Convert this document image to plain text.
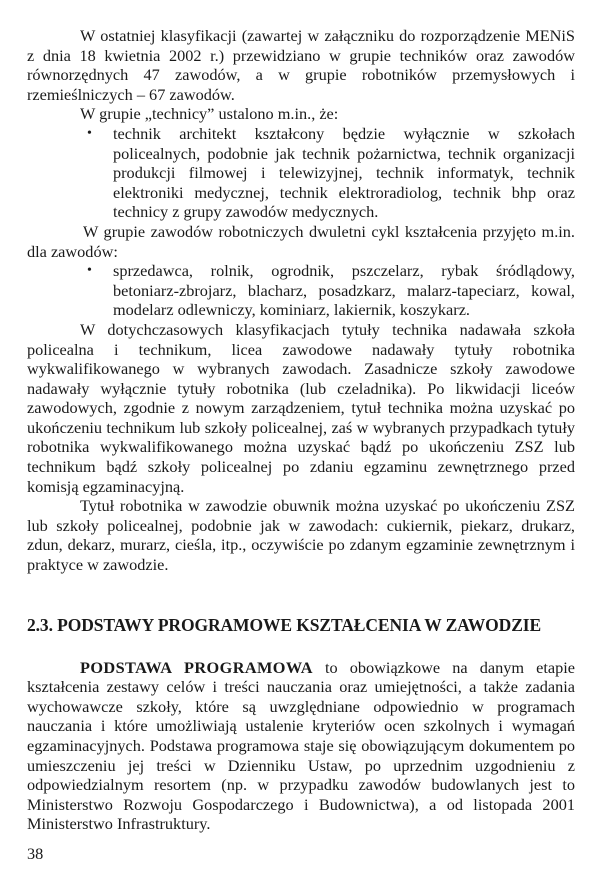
W ostatniej klasyfikacji (zawartej w załączniku do rozporządzenie MENiS z dnia 18 kwietnia 2002 r.) przewidziano w grupie techników oraz zawodów równorzędnych 47 zawodów, a w grupie robotników przemysłowych i rzemieślniczych – 67 zawodów.

W grupie „technicy” ustalono m.in., że:

• technik architekt kształcony będzie wyłącznie w szkołach policealnych, podobnie jak technik pożarnictwa, technik organizacji produkcji filmowej i telewizyjnej, technik informatyk, technik elektroniki medycznej, technik elektroradiolog, technik bhp oraz technicy z grupy zawodów medycznych.

W grupie zawodów robotniczych dwuletni cykl kształcenia przyjęto m.in. dla zawodów:

• sprzedawca, rolnik, ogrodnik, pszczelarz, rybak śródlądowy, betoniarz-zbrojarz, blacharz, posadzkarz, malarz-tapeciarz, kowal, modelarz odlewniczy, kominiarz, lakiernik, koszykarz.

W dotychczasowych klasyfikacjach tytuły technika nadawała szkoła policealna i technikum, licea zawodowe nadawały tytuły robotnika wykwalifikowanego w wybranych zawodach. Zasadnicze szkoły zawodowe nadawały wyłącznie tytuły robotnika (lub czeladnika). Po likwidacji liceów zawodowych, zgodnie z nowym zarządzeniem, tytuł technika można uzyskać po ukończeniu technikum lub szkoły policealnej, zaś w wybranych przypadkach tytuły robotnika wykwalifikowanego można uzyskać bądź po ukończeniu ZSZ lub technikum bądź szkoły policealnej po zdaniu egzaminu zewnętrznego przed komisją egzaminacyjną.

Tytuł robotnika w zawodzie obuwnik można uzyskać po ukończeniu ZSZ lub szkoły policealnej, podobnie jak w zawodach: cukiernik, piekarz, drukarz, zdun, dekarz, murarz, cieśla, itp., oczywiście po zdanym egzaminie zewnętrznym i praktyce w zawodzie.

2.3. PODSTAWY PROGRAMOWE KSZTAŁCENIA W ZAWODZIE

PODSTAWA PROGRAMOWA to obowiązkowe na danym etapie kształcenia zestawy celów i treści nauczania oraz umiejętności, a także zadania wychowawcze szkoły, które są uwzględniane odpowiednio w programach nauczania i które umożliwiają ustalenie kryteriów ocen szkolnych i wymagań egzaminacyjnych. Podstawa programowa staje się obowiązującym dokumentem po umieszczeniu jej treści w Dzienniku Ustaw, po uprzednim uzgodnieniu z odpowiedzialnym resortem (np. w przypadku zawodów budowlanych jest to Ministerstwo Rozwoju Gospodarczego i Budownictwa), a od listopada 2001 Ministerstwo Infrastruktury.

38
